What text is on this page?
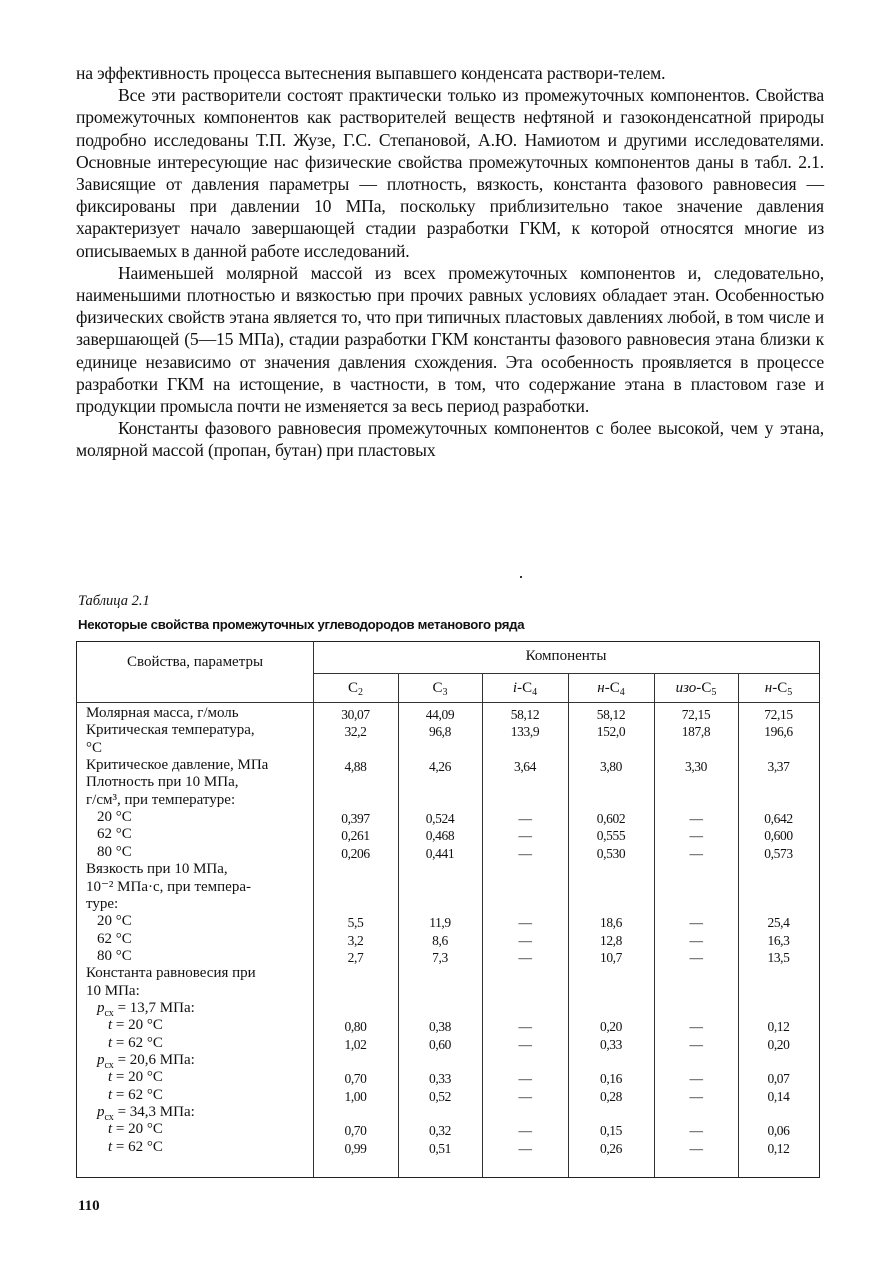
на эффективность процесса вытеснения выпавшего конденсата раствори-телем.

Все эти растворители состоят практически только из промежуточных компонентов. Свойства промежуточных компонентов как растворителей веществ нефтяной и газоконденсатной природы подробно исследованы Т.П. Жузе, Г.С. Степановой, А.Ю. Намиотом и другими исследователями. Основные интересующие нас физические свойства промежуточных компонентов даны в табл. 2.1. Зависящие от давления параметры — плотность, вязкость, константа фазового равновесия — фиксированы при давлении 10 МПа, поскольку приблизительно такое значение давления характеризует начало завершающей стадии разработки ГКМ, к которой относятся многие из описываемых в данной работе исследований.

Наименьшей молярной массой из всех промежуточных компонентов и, следовательно, наименьшими плотностью и вязкостью при прочих равных условиях обладает этан. Особенностью физических свойств этана является то, что при типичных пластовых давлениях любой, в том числе и завершающей (5—15 МПа), стадии разработки ГКМ константы фазового равновесия этана близки к единице независимо от значения давления схождения. Эта особенность проявляется в процессе разработки ГКМ на истощение, в частности, в том, что содержание этана в пластовом газе и продукции промысла почти не изменяется за весь период разработки.

Константы фазового равновесия промежуточных компонентов с более высокой, чем у этана, молярной массой (пропан, бутан) при пластовых

Таблица 2.1
Некоторые свойства промежуточных углеводородов метанового ряда
Свойства, параметры	Компоненты
$C_2$	$C_3$	$i-C_4$	$н-C_4$	изо-$C_5$	$н-C_5$
Молярная масса, г/моль	30,07	44,09	58,12	58,12	72,15	72,15
Критическая температура,	32,2	96,8	133,9	152,0	187,8	196,6
°C
Критическое давление, МПа	4,88	4,26	3,64	3,80	3,30	3,37
Плотность при 10 МПа,
г/см³, при температуре:
20 °C	0,397	0,524	—	0,602	—	0,642
62 °C	0,261	0,468	—	0,555	—	0,600
80 °C	0,206	0,441	—	0,530	—	0,573
Вязкость при 10 МПа,
10⁻² МПа·с, при темпера-
туре:
20 °C	5,5	11,9	—	18,6	—	25,4
62 °C	3,2	8,6	—	12,8	—	16,3
80 °C	2,7	7,3	—	10,7	—	13,5
Константа равновесия при
10 МПа:
$p_{сх} = 13,7$ МПа:
t = 20 °C	0,80	0,38	—	0,20	—	0,12
t = 62 °C	1,02	0,60	—	0,33	—	0,20
$p_{сх} = 20,6$ МПа:
t = 20 °C	0,70	0,33	—	0,16	—	0,07
t = 62 °C	1,00	0,52	—	0,28	—	0,14
$p_{сх} = 34,3$ МПа:
t = 20 °C	0,70	0,32	—	0,15	—	0,06
t = 62 °C	0,99	0,51	—	0,26	—	0,12
110
